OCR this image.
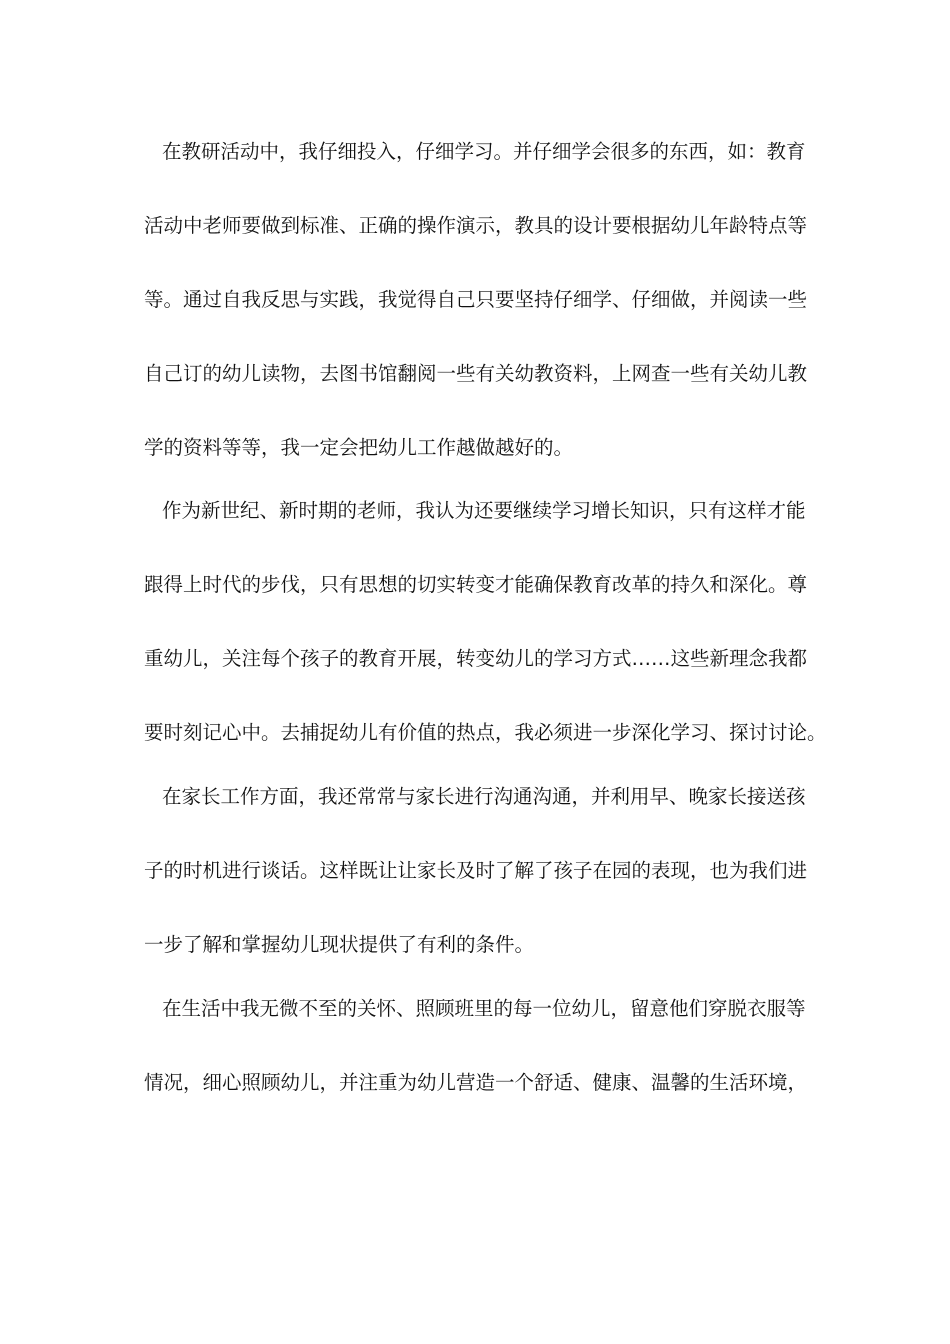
在教研活动中，我仔细投入，仔细学习。并仔细学会很多的东西，如：教育
活动中老师要做到标准、正确的操作演示，教具的设计要根据幼儿年龄特点等
等。通过自我反思与实践，我觉得自己只要坚持仔细学、仔细做，并阅读一些
自己订的幼儿读物，去图书馆翻阅一些有关幼教资料，上网查一些有关幼儿教
学的资料等等，我一定会把幼儿工作越做越好的。
作为新世纪、新时期的老师，我认为还要继续学习增长知识，只有这样才能
跟得上时代的步伐，只有思想的切实转变才能确保教育改革的持久和深化。尊
重幼儿，关注每个孩子的教育开展，转变幼儿的学习方式……这些新理念我都
要时刻记心中。去捕捉幼儿有价值的热点，我必须进一步深化学习、探讨讨论。
在家长工作方面，我还常常与家长进行沟通沟通，并利用早、晚家长接送孩
子的时机进行谈话。这样既让让家长及时了解了孩子在园的表现，也为我们进
一步了解和掌握幼儿现状提供了有利的条件。
在生活中我无微不至的关怀、照顾班里的每一位幼儿，留意他们穿脱衣服等
情况，细心照顾幼儿，并注重为幼儿营造一个舒适、健康、温馨的生活环境，
